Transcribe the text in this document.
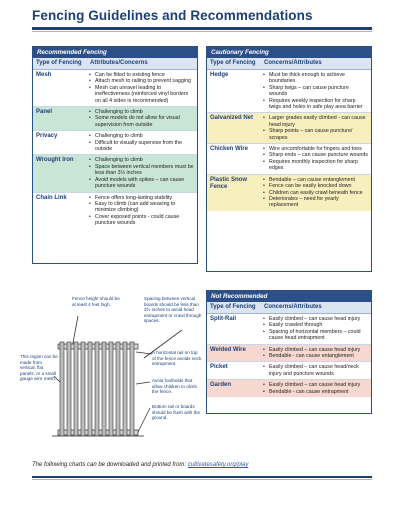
Fencing Guidelines and Recommendations
Recommended Fencing
Type of Fencing	Attributes/Concerns
Mesh	• Can be fitted to existing fence
• Attach mesh to railing to prevent sagging
• Mesh can unravel leading to ineffectiveness (reinforced vinyl borders on all 4 sides is recommended)
Panel	• Challenging to climb
• Some models do not allow for visual supervision from outside
Privacy	• Challenging to climb
• Difficult to visually supervise from the outside
Wrought Iron	• Challenging to climb
• Space between vertical members must be less than 3½ inches
• Avoid models with spikes – can cause puncture wounds
Chain Link	• Fence offers long-lasting stability
• Easy to climb (can add weaving to minimize climbing)
• Cover exposed points - could cause puncture wounds
Cautionary Fencing
Type of Fencing	Concerns/Attributes
Hedge	• Must be thick enough to achieve boundaries
• Sharp twigs – can cause puncture wounds
• Requires weekly inspection for sharp twigs and holes in safe play area barrier
Galvanized Net	• Larger grades easily climbed - can cause head injury
• Sharp points – can cause puncture/ scrapes
Chicken Wire	• Wire uncomfortable for fingers and toes
• Sharp ends – can cause puncture wounds
• Requires monthly inspection for sharp edges
Plastic Snow Fence
• Bendable – can cause entanglement
• Fence can be easily knocked down
• Children can easily crawl beneath fence
• Deteriorates – need for yearly replacement
Not Recommended
Type of Fencing	Concerns/Attributes
Split-Rail	• Easily climbed – can cause head injury
• Easily crawled through
• Spacing of horizontal members – could cause head entrapment
Welded Wire	• Easily climbed – can cause head injury
• Bendable - can cause entanglement
Picket	• Easily climbed – can cause head/neck injury and puncture wounds
Garden	• Easily climbed – can cause head injury
• Bendable - can cause entrapment
Fence height should be at least 4 feet high.
Spacing between vertical boards should be less than 3½ inches to avoid head entrapment or crawl through spaces.
This region can be made from vertical, flat panels, or a small gauge wire mesh.
A horizontal rail on top of the fence avoids neck entrapment.
Avoid footholds that allow children to climb the fence.
Bottom rail or boards should be flush with the ground.
The following charts can be downloaded and printed from: cultivatesafety.org/play
